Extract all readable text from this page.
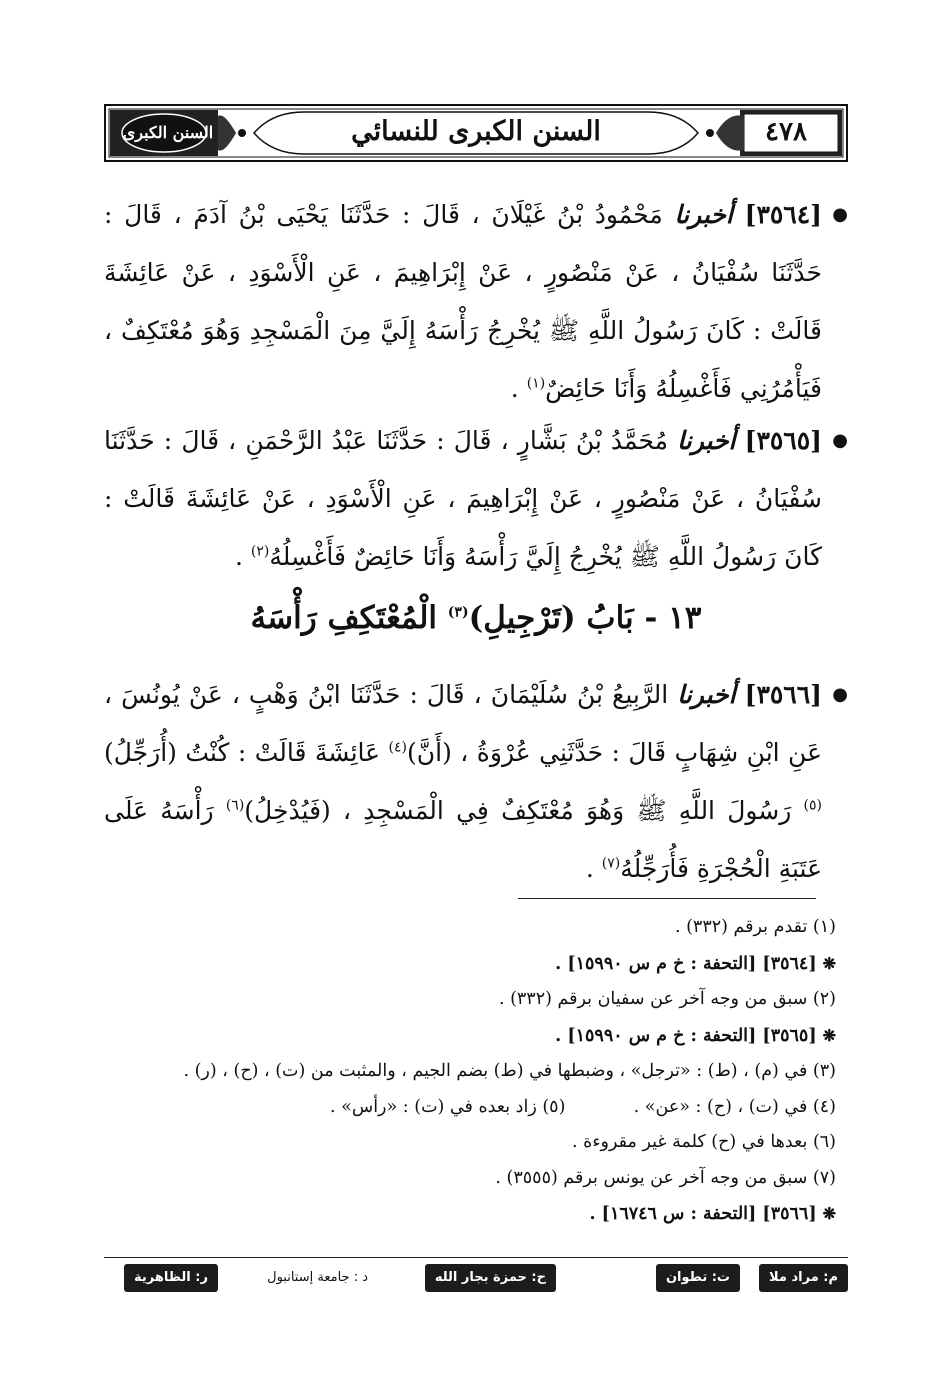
السنن الكبرى للنسائي	٤٧٨
السنن الكبرى

●
[٣٥٦٤] أخبرنا مَحْمُودُ بْنُ غَيْلَانَ ، قَالَ : حَدَّثَنَا يَحْيَى بْنُ آدَمَ ، قَالَ : حَدَّثَنَا سُفْيَانُ ، عَنْ مَنْصُورٍ ، عَنْ إِبْرَاهِيمَ ، عَنِ الْأَسْوَدِ ، عَنْ عَائِشَةَ قَالَتْ : كَانَ رَسُولُ اللَّهِ ﷺ يُخْرِجُ رَأْسَهُ إِلَيَّ مِنَ الْمَسْجِدِ وَهُوَ مُعْتَكِفٌ ، فَيَأْمُرُنِي فَأَغْسِلُهُ وَأَنَا حَائِضٌ$^{(١)}$ .

●
[٣٥٦٥] أخبرنا مُحَمَّدُ بْنُ بَشَّارٍ ، قَالَ : حَدَّثَنَا عَبْدُ الرَّحْمَنِ ، قَالَ : حَدَّثَنَا سُفْيَانُ ، عَنْ مَنْصُورٍ ، عَنْ إِبْرَاهِيمَ ، عَنِ الْأَسْوَدِ ، عَنْ عَائِشَةَ قَالَتْ : كَانَ رَسُولُ اللَّهِ ﷺ يُخْرِجُ إِلَيَّ رَأْسَهُ وَأَنَا حَائِضٌ فَأَغْسِلُهُ$^{(٢)}$ .

١٣ - بَابُ (تَرْجِيلِ)$^{(٣)}$ الْمُعْتَكِفِ رَأْسَهُ

●
[٣٥٦٦] أخبرنا الرَّبِيعُ بْنُ سُلَيْمَانَ ، قَالَ : حَدَّثَنَا ابْنُ وَهْبٍ ، عَنْ يُونُسَ ، عَنِ ابْنِ شِهَابٍ قَالَ : حَدَّثَنِي عُرْوَةُ ، (أَنَّ)$^{(٤)}$ عَائِشَةَ قَالَتْ : كُنْتُ (أُرَجِّلُ)$^{(٥)}$ رَسُولَ اللَّهِ ﷺ وَهُوَ مُعْتَكِفٌ فِي الْمَسْجِدِ ، (فَيُدْخِلُ)$^{(٦)}$ رَأْسَهُ عَلَى عَتَبَةِ الْحُجْرَةِ فَأُرَجِّلُهُ$^{(٧)}$ .

(١) تقدم برقم (٣٣٢) .

❋[٣٥٦٤] [التحفة : خ م س ١٥٩٩٠] .

(٢) سبق من وجه آخر عن سفيان برقم (٣٣٢) .

❋[٣٥٦٥] [التحفة : خ م س ١٥٩٩٠] .

(٣) في (م) ، (ط) : «ترجل» ، وضبطها في (ط) بضم الجيم ، والمثبت من (ت) ، (ح) ، (ر) .

(٤) في (ت) ، (ح) : «عن» .
(٥) زاد بعده في (ت) : «رأس» .

(٦) بعدها في (ح) كلمة غير مقروءة .

(٧) سبق من وجه آخر عن يونس برقم (٣٥٥٥) .

❋[٣٥٦٦] [التحفة : س ١٦٧٤٦] .

م: مراد ملا
ت: تطوان
ح: حمزة بجار الله
د : جامعة إستانبول
ر: الظاهرية
